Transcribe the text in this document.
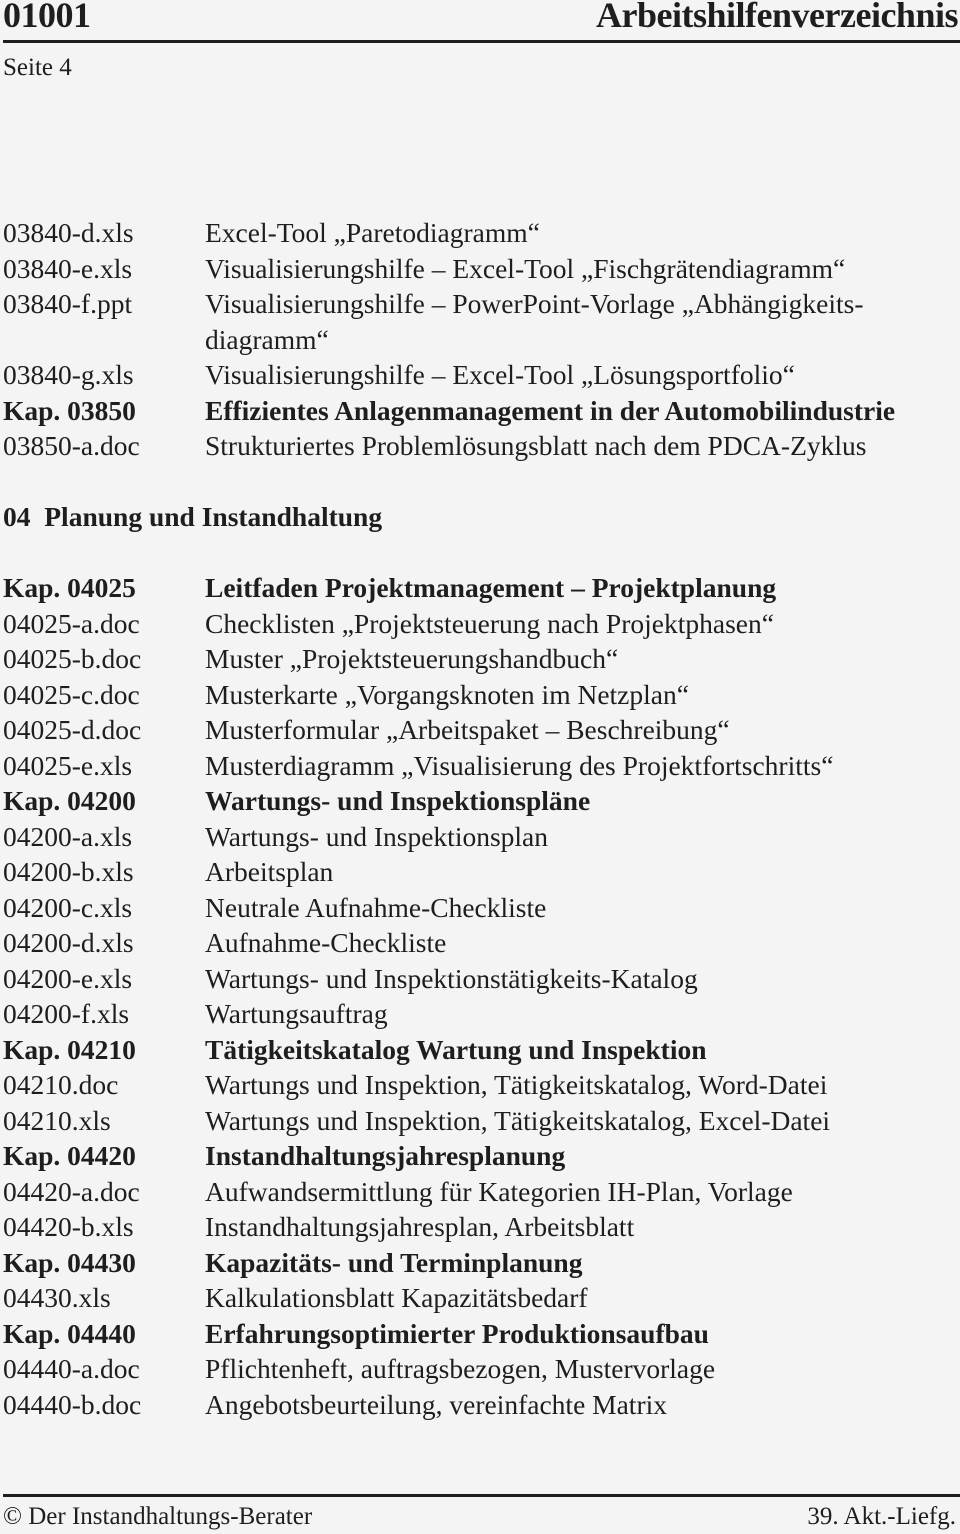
01001	Arbeitshilfenverzeichnis
Seite 4
03840-d.xls	Excel-Tool „Paretodiagramm“
03840-e.xls	Visualisierungshilfe – Excel-Tool „Fischgrätendiagramm“
03840-f.ppt	Visualisierungshilfe – PowerPoint-Vorlage „Abhängigkeits-
diagramm“
03840-g.xls	Visualisierungshilfe – Excel-Tool „Lösungsportfolio“
Kap. 03850	Effizientes Anlagenmanagement in der Automobilindustrie
03850-a.doc	Strukturiertes Problemlösungsblatt nach dem PDCA-Zyklus
04  Planung und Instandhaltung
Kap. 04025	Leitfaden Projektmanagement – Projektplanung
04025-a.doc	Checklisten „Projektsteuerung nach Projektphasen“
04025-b.doc	Muster „Projektsteuerungshandbuch“
04025-c.doc	Musterkarte „Vorgangsknoten im Netzplan“
04025-d.doc	Musterformular „Arbeitspaket – Beschreibung“
04025-e.xls	Musterdiagramm „Visualisierung des Projektfortschritts“
Kap. 04200	Wartungs- und Inspektionspläne
04200-a.xls	Wartungs- und Inspektionsplan
04200-b.xls	Arbeitsplan
04200-c.xls	Neutrale Aufnahme-Checkliste
04200-d.xls	Aufnahme-Checkliste
04200-e.xls	Wartungs- und Inspektionstätigkeits-Katalog
04200-f.xls	Wartungsauftrag
Kap. 04210	Tätigkeitskatalog Wartung und Inspektion
04210.doc	Wartungs und Inspektion, Tätigkeitskatalog, Word-Datei
04210.xls	Wartungs und Inspektion, Tätigkeitskatalog, Excel-Datei
Kap. 04420	Instandhaltungsjahresplanung
04420-a.doc	Aufwandsermittlung für Kategorien IH-Plan, Vorlage
04420-b.xls	Instandhaltungsjahresplan, Arbeitsblatt
Kap. 04430	Kapazitäts- und Terminplanung
04430.xls	Kalkulationsblatt Kapazitätsbedarf
Kap. 04440	Erfahrungsoptimierter Produktionsaufbau
04440-a.doc	Pflichtenheft, auftragsbezogen, Mustervorlage
04440-b.doc	Angebotsbeurteilung, vereinfachte Matrix
© Der Instandhaltungs-Berater	39. Akt.-Liefg.
